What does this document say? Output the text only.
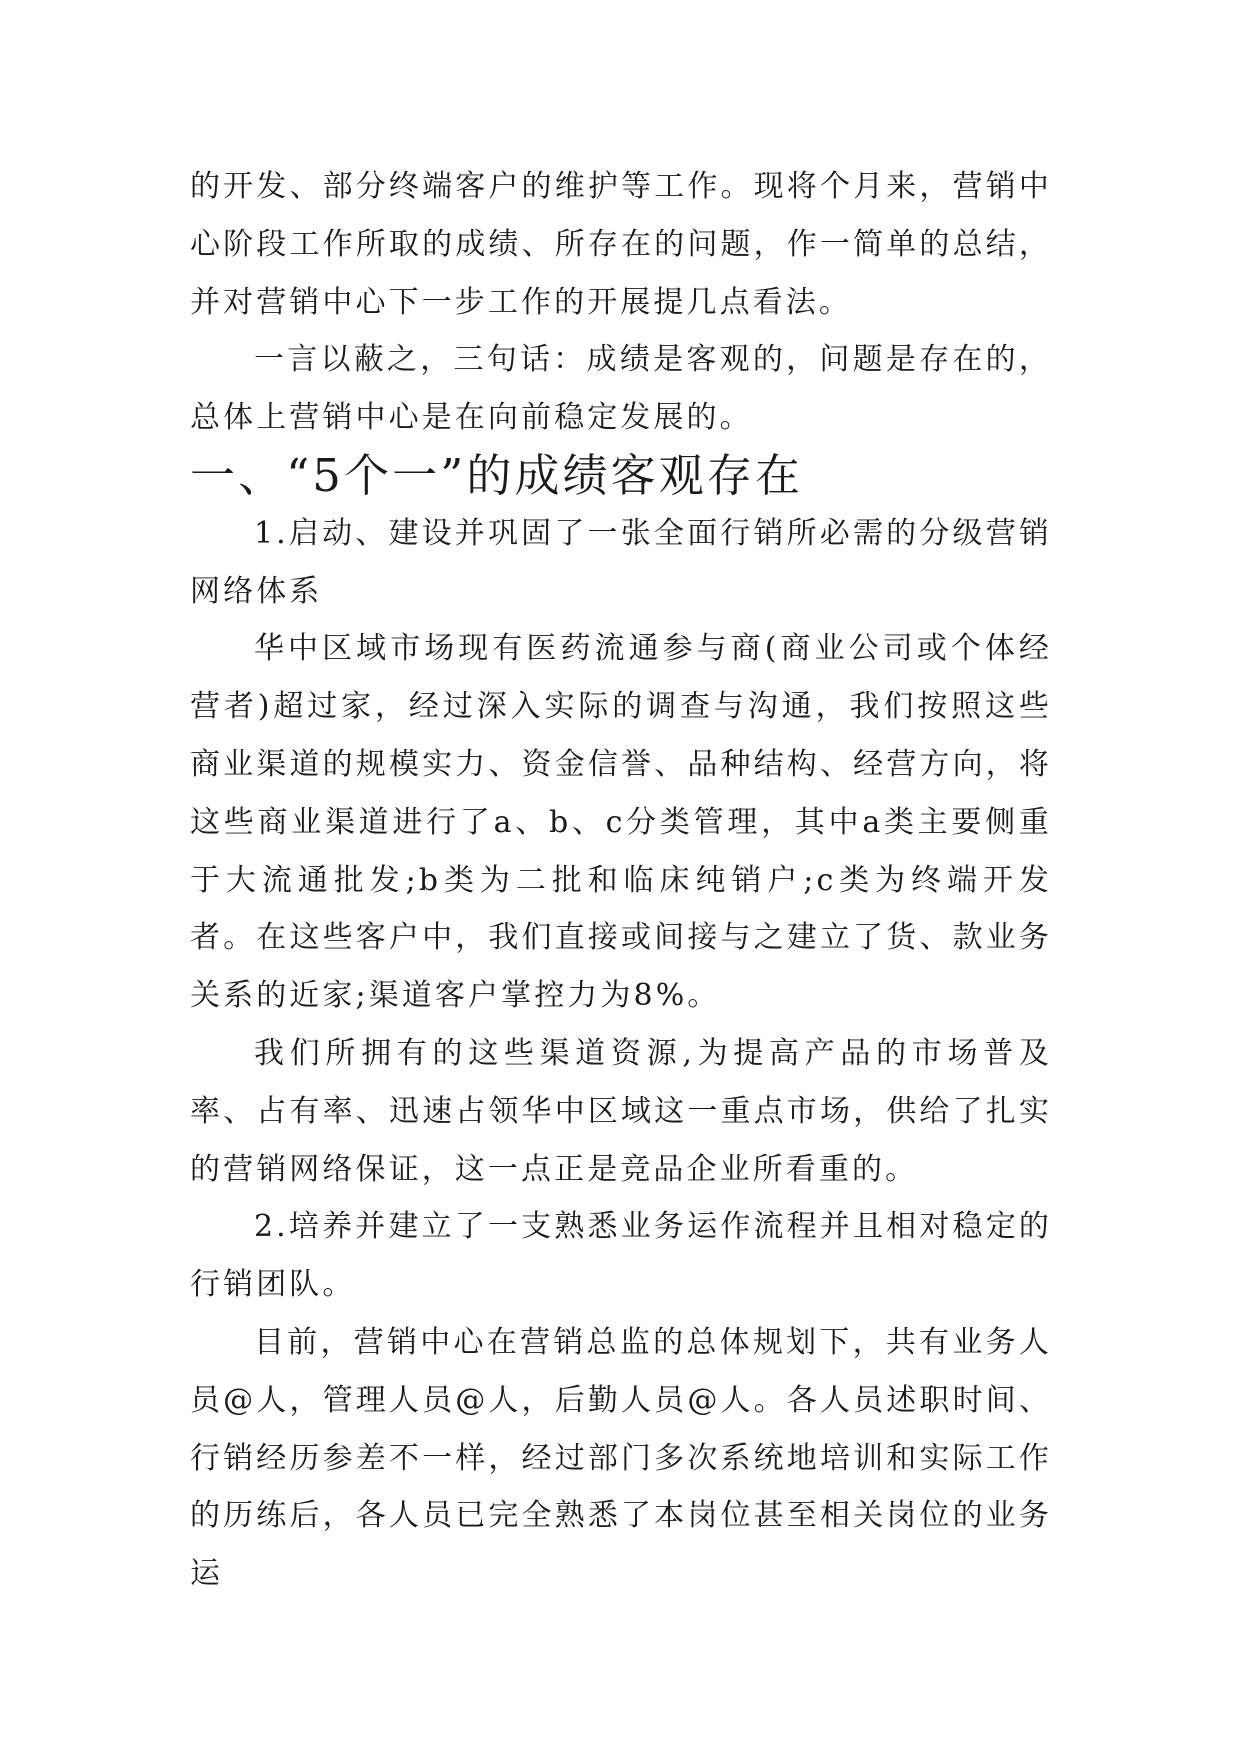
的开发、部分终端客户的维护等工作。现将个月来，营销中心阶段工作所取的成绩、所存在的问题，作一简单的总结，并对营销中心下一步工作的开展提几点看法。

一言以蔽之，三句话：成绩是客观的，问题是存在的，总体上营销中心是在向前稳定发展的。

一、“5个一”的成绩客观存在

1.启动、建设并巩固了一张全面行销所必需的分级营销网络体系

华中区域市场现有医药流通参与商(商业公司或个体经营者)超过家，经过深入实际的调查与沟通，我们按照这些商业渠道的规模实力、资金信誉、品种结构、经营方向，将这些商业渠道进行了a、b、c分类管理，其中a类主要侧重于大流通批发;b类为二批和临床纯销户;c类为终端开发者。在这些客户中，我们直接或间接与之建立了货、款业务关系的近家;渠道客户掌控力为8%。

我们所拥有的这些渠道资源,为提高产品的市场普及率、占有率、迅速占领华中区域这一重点市场，供给了扎实的营销网络保证，这一点正是竞品企业所看重的。

2.培养并建立了一支熟悉业务运作流程并且相对稳定的行销团队。

目前，营销中心在营销总监的总体规划下，共有业务人员@人，管理人员@人，后勤人员@人。各人员述职时间、行销经历参差不一样，经过部门多次系统地培训和实际工作的历练后，各人员已完全熟悉了本岗位甚至相关岗位的业务运
